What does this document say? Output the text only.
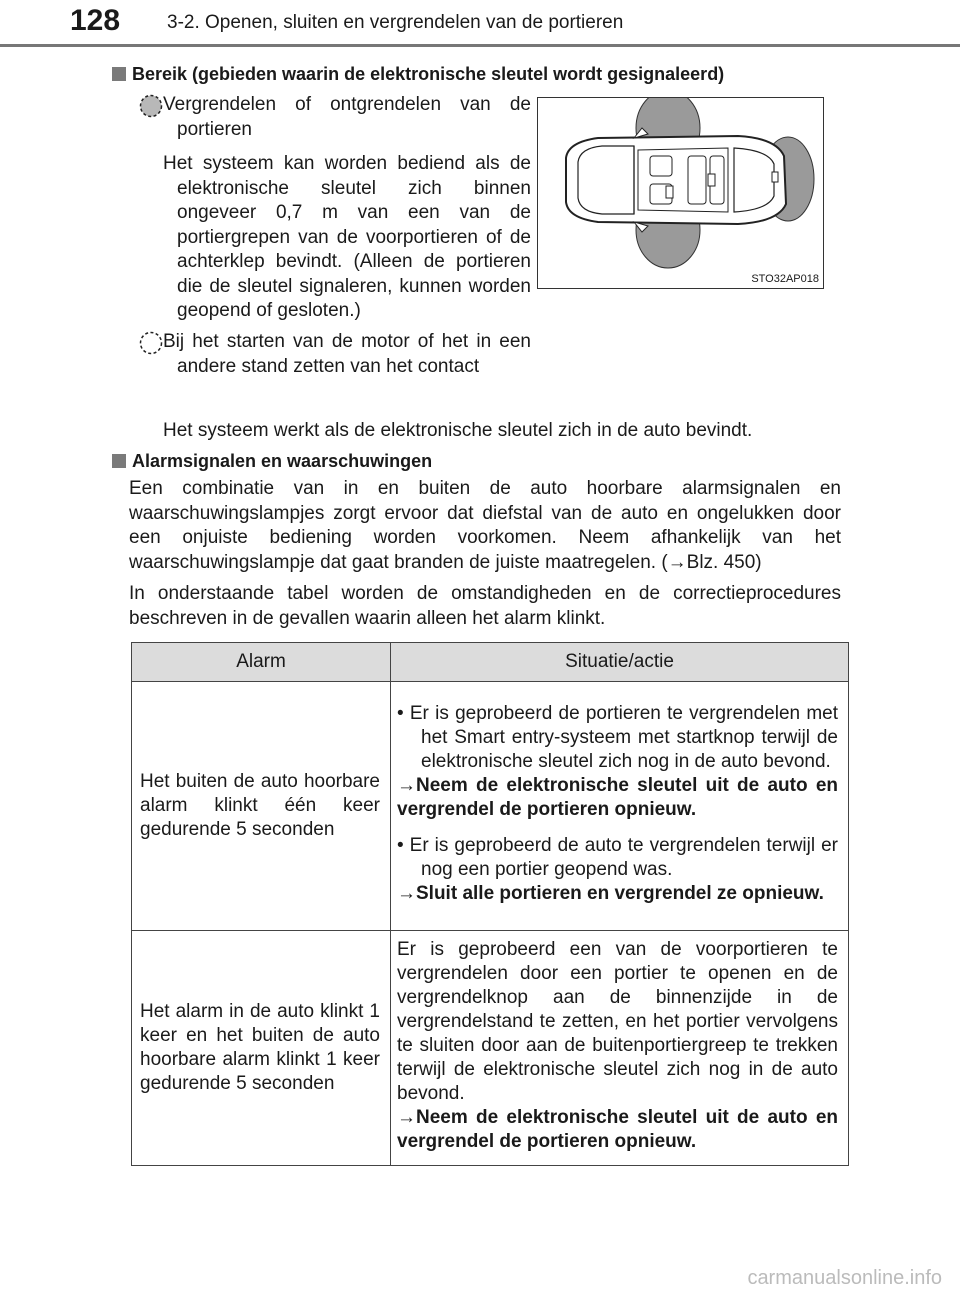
128 3-2. Openen, sluiten en vergrendelen van de portieren
Bereik (gebieden waarin de elektronische sleutel wordt gesignaleerd)
Vergrendelen of ontgrendelen van de portieren
Het systeem kan worden bediend als de elektronische sleutel zich binnen ongeveer 0,7 m van een van de portiergrepen van de voorportieren of de achterklep bevindt. (Alleen de portieren die de sleutel signaleren, kunnen worden geopend of gesloten.)
Bij het starten van de motor of het in een andere stand zetten van het contact
Het systeem werkt als de elektronische sleutel zich in de auto bevindt.
STO32AP018
Alarmsignalen en waarschuwingen
Een combinatie van in en buiten de auto hoorbare alarmsignalen en waarschuwingslampjes zorgt ervoor dat diefstal van de auto en ongelukken door een onjuiste bediening worden voorkomen. Neem afhankelijk van het waarschuwingslampje dat gaat branden de juiste maatregelen. (→Blz. 450)
In onderstaande tabel worden de omstandigheden en de correctieprocedures beschreven in de gevallen waarin alleen het alarm klinkt.
Alarm	Situatie/actie
Het buiten de auto hoorbare alarm klinkt één keer gedurende 5 seconden	• Er is geprobeerd de portieren te vergrendelen met het Smart entry-systeem met startknop terwijl de elektronische sleutel zich nog in de auto bevond.
→Neem de elektronische sleutel uit de auto en vergrendel de portieren opnieuw.
• Er is geprobeerd de auto te vergrendelen terwijl er nog een portier geopend was.
→Sluit alle portieren en vergrendel ze opnieuw.

Het alarm in de auto klinkt 1 keer en het buiten de auto hoorbare alarm klinkt 1 keer gedurende 5 seconden	Er is geprobeerd een van de voorportieren te vergrendelen door een portier te openen en de vergrendelknop aan de binnenzijde in de vergrendelstand te zetten, en het portier vervolgens te sluiten door aan de buitenportiergreep te trekken terwijl de elektronische sleutel zich nog in de auto bevond.
→Neem de elektronische sleutel uit de auto en vergrendel de portieren opnieuw.
carmanualsonline.info
